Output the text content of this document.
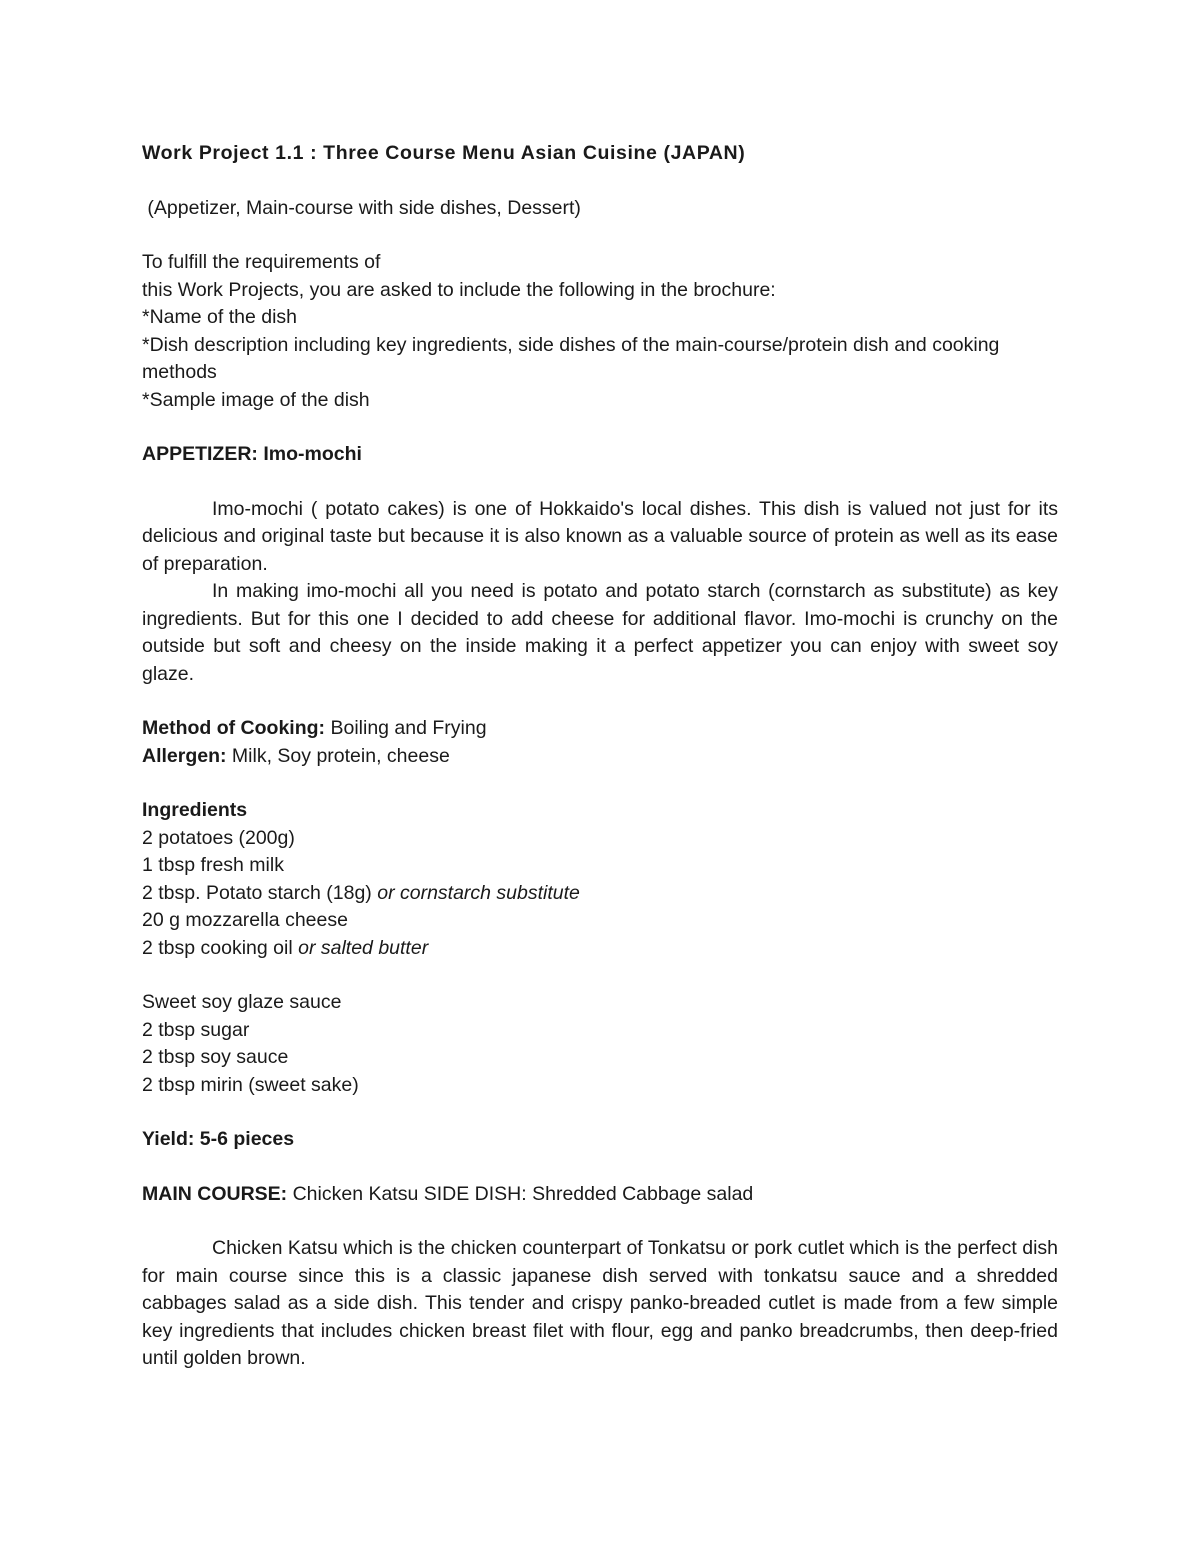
Work Project 1.1 : Three Course Menu Asian Cuisine (JAPAN)

(Appetizer, Main-course with side dishes, Dessert)

To fulfill the requirements of

this Work Projects, you are asked to include the following in the brochure:

*Name of the dish

*Dish description including key ingredients, side dishes of the main-course/protein dish and cooking methods

*Sample image of the dish

APPETIZER: Imo-mochi

Imo-mochi ( potato cakes) is one of Hokkaido's local dishes. This dish is valued not just for its delicious and original taste but because it is also known as a valuable source of protein as well as its ease of preparation.

In making imo-mochi all you need is potato and potato starch (cornstarch as substitute) as key ingredients. But for this one I decided to add cheese for additional flavor. Imo-mochi is crunchy on the outside but soft and cheesy on the inside making it a perfect appetizer you can enjoy with sweet soy glaze.

Method of Cooking: Boiling and Frying

Allergen: Milk, Soy protein, cheese

Ingredients

2 potatoes (200g)

1 tbsp fresh milk

2 tbsp. Potato starch (18g) or cornstarch substitute

20 g mozzarella cheese

2 tbsp cooking oil or salted butter

Sweet soy glaze sauce

2 tbsp sugar

2 tbsp soy sauce

2 tbsp mirin (sweet sake)

Yield: 5-6 pieces

MAIN COURSE: Chicken Katsu SIDE DISH: Shredded Cabbage salad

Chicken Katsu which is the chicken counterpart of Tonkatsu or pork cutlet which is the perfect dish for main course since this is a classic japanese dish served with tonkatsu sauce and a shredded cabbages salad as a side dish. This tender and crispy panko-breaded cutlet is made from a few simple key ingredients that includes chicken breast filet with flour, egg and panko breadcrumbs, then deep-fried until golden brown.
